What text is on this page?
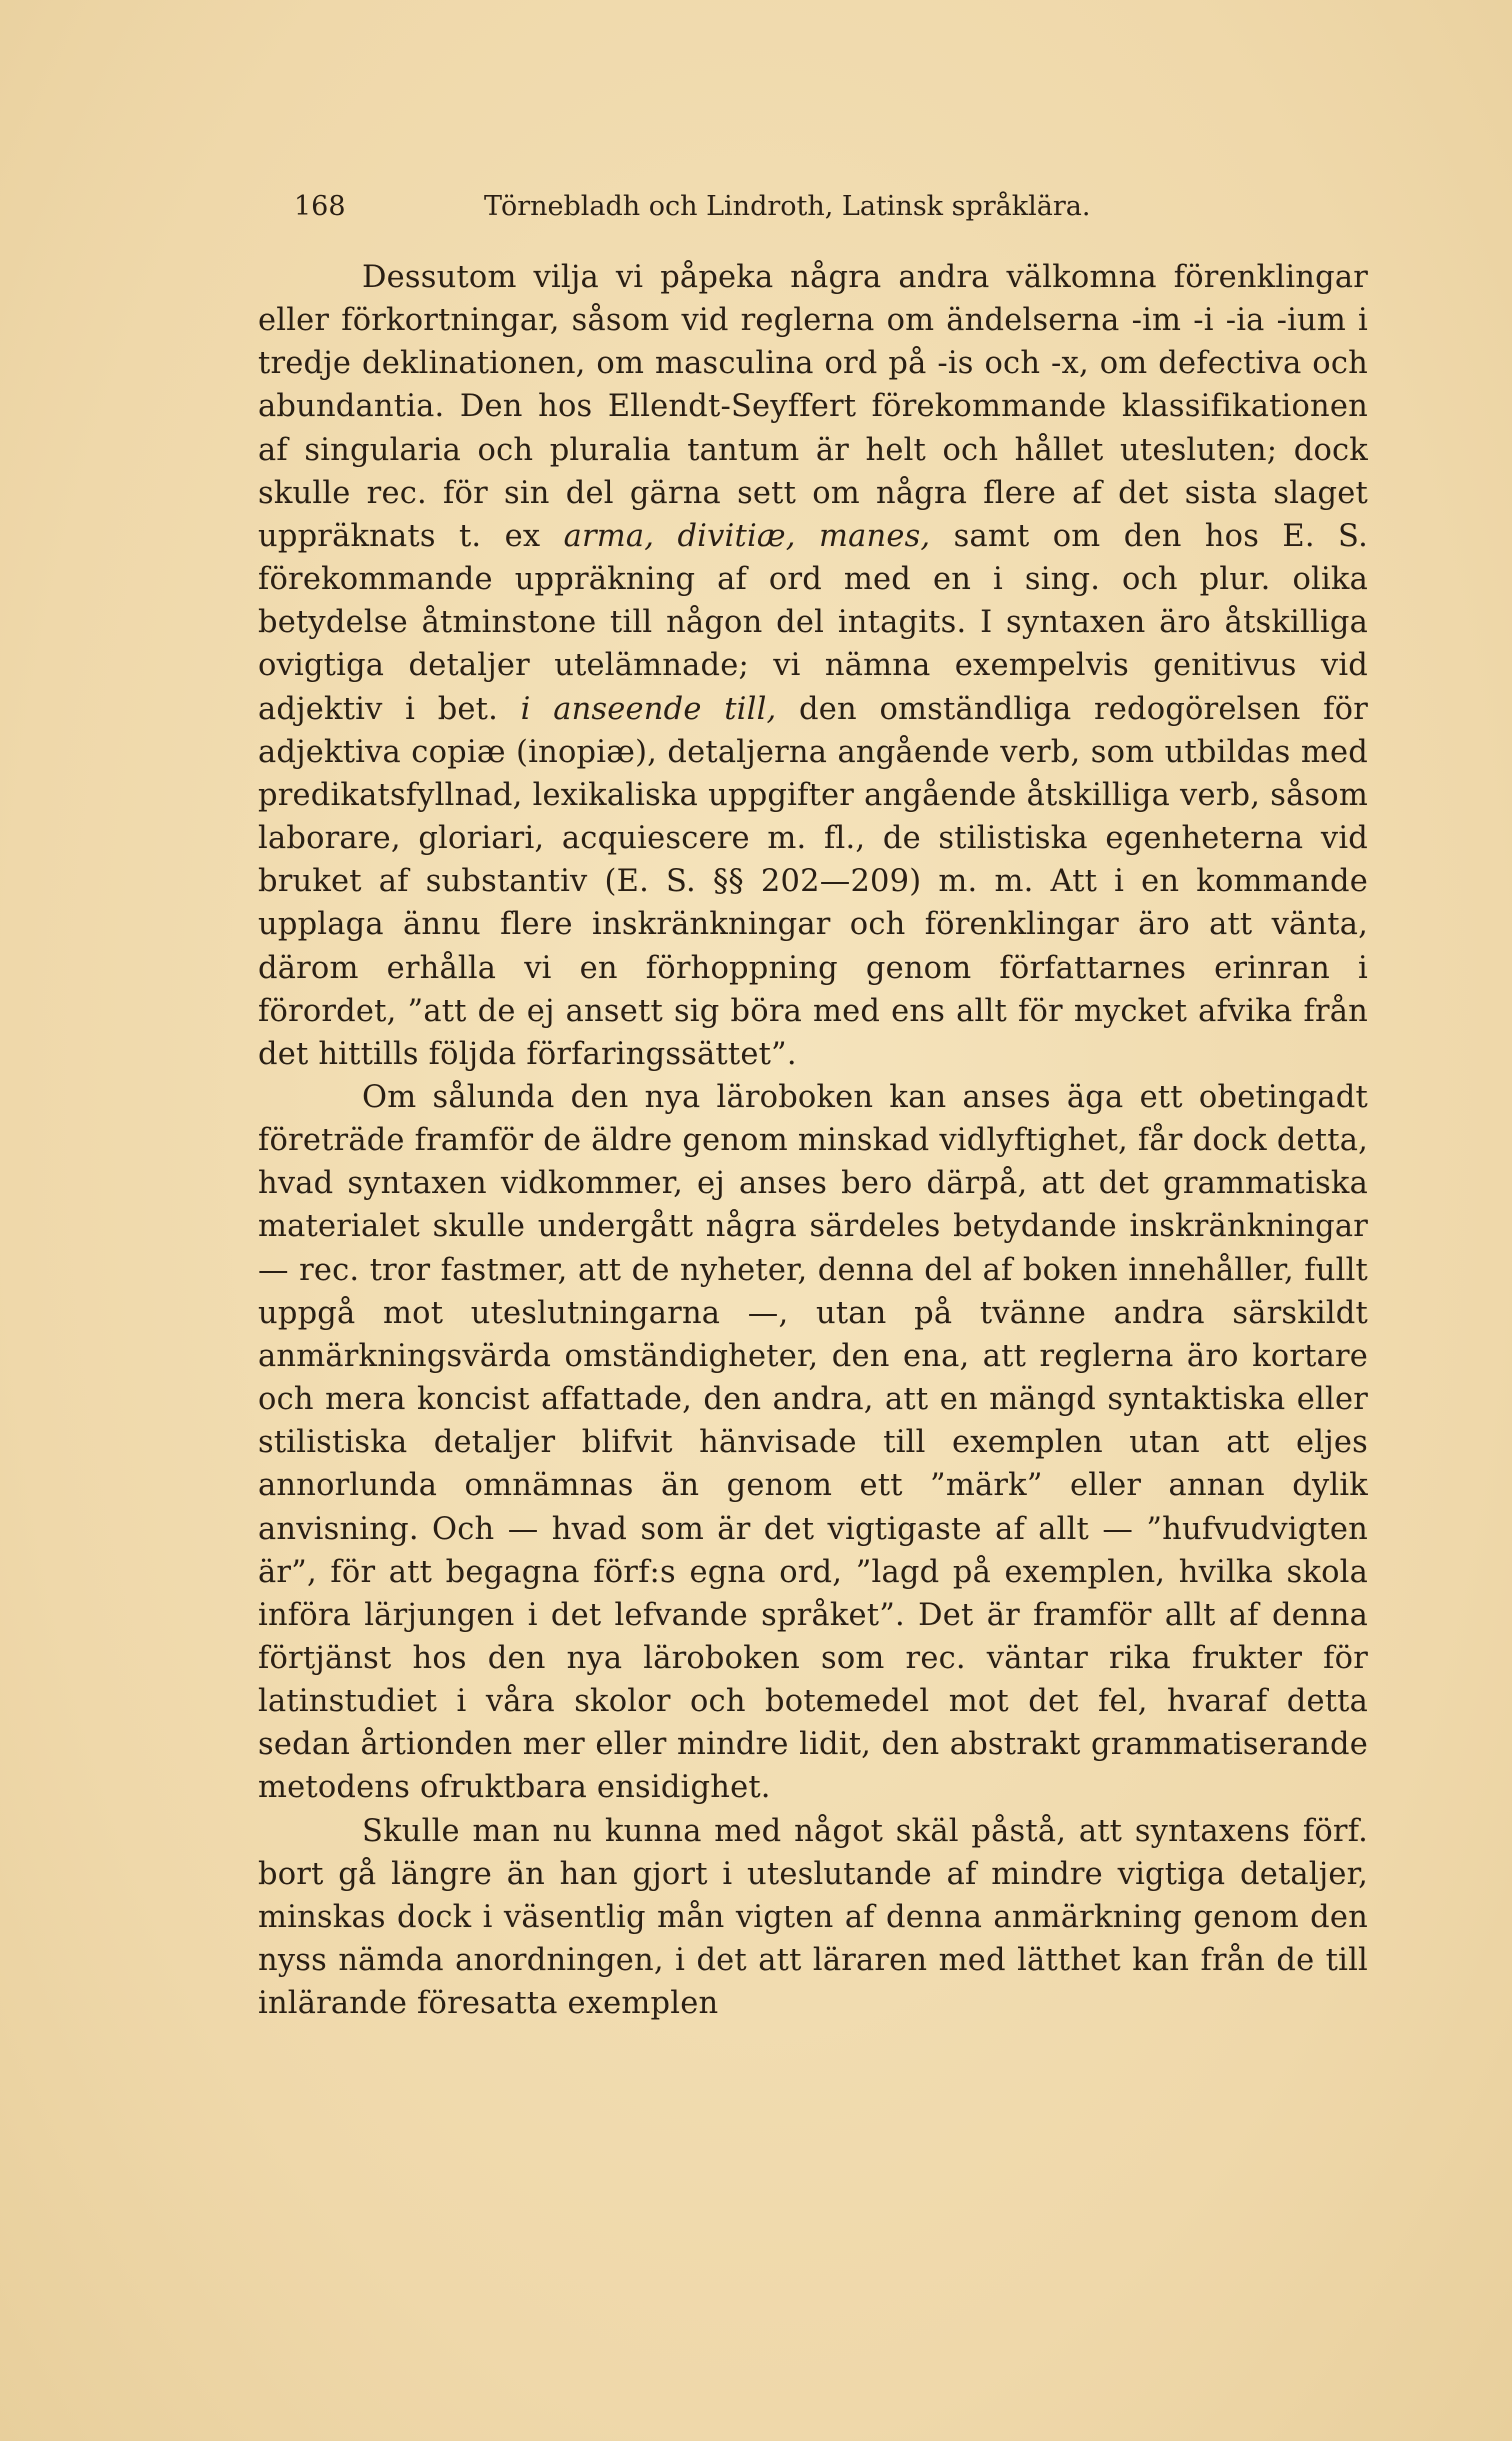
168	Törnebladh och Lindroth, Latinsk språklära.

Dessutom vilja vi påpeka några andra välkomna förenklingar eller förkortningar, såsom vid reglerna om ändelserna -im -i -ia -ium i tredje deklinationen, om masculina ord på -is och -x, om defectiva och abundantia. Den hos Ellendt-Seyffert förekommande klassifikationen af singularia och pluralia tantum är helt och hållet utesluten; dock skulle rec. för sin del gärna sett om några flere af det sista slaget uppräknats t. ex arma, divitiæ, manes, samt om den hos E. S. förekommande uppräkning af ord med en i sing. och plur. olika betydelse åtminstone till någon del intagits. I syntaxen äro åtskilliga ovigtiga detaljer utelämnade; vi nämna exempelvis genitivus vid adjektiv i bet. i anseende till, den omständliga redogörelsen för adjektiva copiæ (inopiæ), detaljerna angående verb, som utbildas med predikatsfyllnad, lexikaliska uppgifter angående åtskilliga verb, såsom laborare, gloriari, acquiescere m. fl., de stilistiska egenheterna vid bruket af substantiv (E. S. §§ 202—209) m. m. Att i en kommande upplaga ännu flere inskränkningar och förenklingar äro att vänta, därom erhålla vi en förhoppning genom författarnes erinran i förordet, ”att de ej ansett sig böra med ens allt för mycket afvika från det hittills följda förfaringssättet”.

Om sålunda den nya läroboken kan anses äga ett obetingadt företräde framför de äldre genom minskad vidlyftighet, får dock detta, hvad syntaxen vidkommer, ej anses bero därpå, att det grammatiska materialet skulle undergått några särdeles betydande inskränkningar — rec. tror fastmer, att de nyheter, denna del af boken innehåller, fullt uppgå mot uteslutningarna —, utan på tvänne andra särskildt anmärkningsvärda omständigheter, den ena, att reglerna äro kortare och mera koncist affattade, den andra, att en mängd syntaktiska eller stilistiska detaljer blifvit hänvisade till exemplen utan att eljes annorlunda omnämnas än genom ett ”märk” eller annan dylik anvisning. Och — hvad som är det vigtigaste af allt — ”hufvudvigten är”, för att begagna förf:s egna ord, ”lagd på exemplen, hvilka skola införa lärjungen i det lefvande språket”. Det är framför allt af denna förtjänst hos den nya läroboken som rec. väntar rika frukter för latinstudiet i våra skolor och botemedel mot det fel, hvaraf detta sedan årtionden mer eller mindre lidit, den abstrakt grammatiserande metodens ofruktbara ensidighet.

Skulle man nu kunna med något skäl påstå, att syntaxens förf. bort gå längre än han gjort i uteslutande af mindre vigtiga detaljer, minskas dock i väsentlig mån vigten af denna anmärkning genom den nyss nämda anordningen, i det att läraren med lätthet kan från de till inlärande föresatta exemplen
